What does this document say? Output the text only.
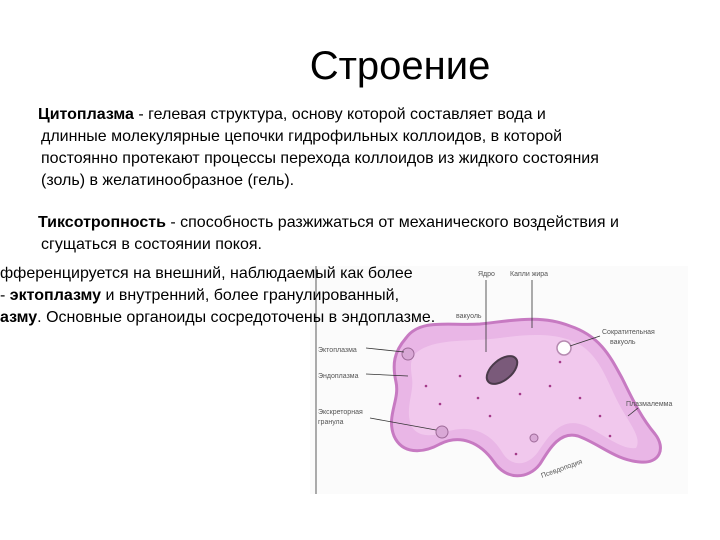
Строение
Цитоплазма - гелевая структура, основу которой составляет вода и
длинные молекулярные цепочки гидрофильных коллоидов, в которой
постоянно протекают процессы перехода коллоидов из жидкого состояния
(золь) в желатинообразное (гель).
Тиксотропность - способность разжижаться от механического воздействия и
сгущаться в состоянии покоя.
Ядро Капли жира
вакуоль
Сократительная
вакуоль
Эктоплазма
Эндоплазма
Экскреторная
гранула
Плазмалемма
Псевдоподия
фференцируется на внешний, наблюдаемый как более
- эктоплазму и внутренний, более гранулированный,
азму. Основные органоиды сосредоточены в эндоплазме.
